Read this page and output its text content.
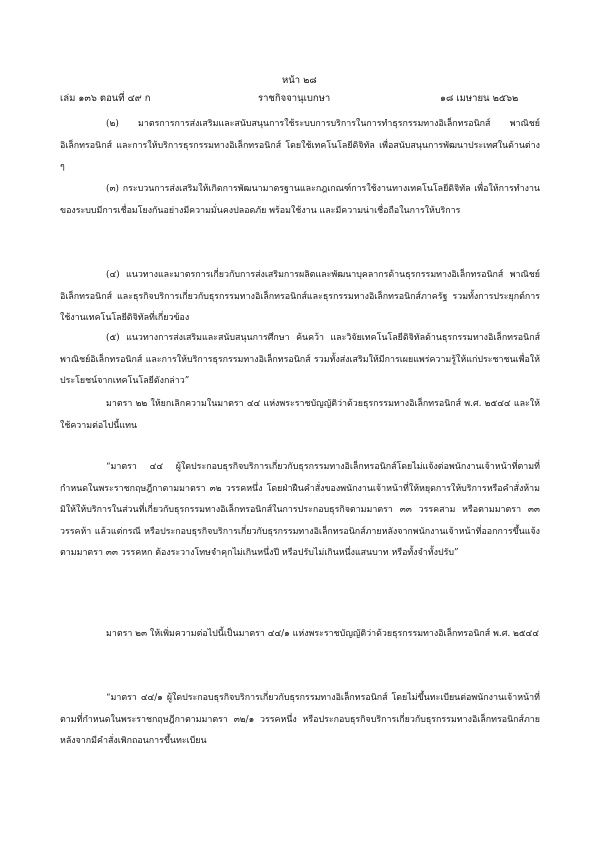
หน้า ๒๘
เล่ม ๑๓๖ ตอนที่ ๔๙ ก	ราชกิจจานุเบกษา	๑๘ เมษายน ๒๕๖๒

(๒) มาตรการการส่งเสริมและสนับสนุนการใช้ระบบการบริการในการทำธุรกรรมทางอิเล็กทรอนิกส์ พาณิชย์อิเล็กทรอนิกส์ และการให้บริการธุรกรรมทางอิเล็กทรอนิกส์ โดยใช้เทคโนโลยีดิจิทัล เพื่อสนับสนุนการพัฒนาประเทศในด้านต่าง ๆ

(๓) กระบวนการส่งเสริมให้เกิดการพัฒนามาตรฐานและกฎเกณฑ์การใช้งานทางเทคโนโลยีดิจิทัล เพื่อให้การทำงานของระบบมีการเชื่อมโยงกันอย่างมีความมั่นคงปลอดภัย พร้อมใช้งาน และมีความน่าเชื่อถือในการให้บริการ

(๔) แนวทางและมาตรการเกี่ยวกับการส่งเสริมการผลิตและพัฒนาบุคลากรด้านธุรกรรมทางอิเล็กทรอนิกส์ พาณิชย์อิเล็กทรอนิกส์ และธุรกิจบริการเกี่ยวกับธุรกรรมทางอิเล็กทรอนิกส์และธุรกรรมทางอิเล็กทรอนิกส์ภาครัฐ รวมทั้งการประยุกต์การใช้งานเทคโนโลยีดิจิทัลที่เกี่ยวข้อง

(๕) แนวทางการส่งเสริมและสนับสนุนการศึกษา ค้นคว้า และวิจัยเทคโนโลยีดิจิทัลด้านธุรกรรมทางอิเล็กทรอนิกส์ พาณิชย์อิเล็กทรอนิกส์ และการให้บริการธุรกรรมทางอิเล็กทรอนิกส์ รวมทั้งส่งเสริมให้มีการเผยแพร่ความรู้ให้แก่ประชาชนเพื่อให้ประโยชน์จากเทคโนโลยีดังกล่าว”

มาตรา ๒๒ ให้ยกเลิกความในมาตรา ๔๔ แห่งพระราชบัญญัติว่าด้วยธุรกรรมทางอิเล็กทรอนิกส์ พ.ศ. ๒๕๔๔ และให้ใช้ความต่อไปนี้แทน

“มาตรา ๔๔ ผู้ใดประกอบธุรกิจบริการเกี่ยวกับธุรกรรมทางอิเล็กทรอนิกส์โดยไม่แจ้งต่อพนักงานเจ้าหน้าที่ตามที่กำหนดในพระราชกฤษฎีกาตามมาตรา ๓๒ วรรคหนึ่ง โดยฝ่าฝืนคำสั่งของพนักงานเจ้าหน้าที่ให้หยุดการให้บริการหรือคำสั่งห้ามมิให้ให้บริการในส่วนที่เกี่ยวกับธุรกรรมทางอิเล็กทรอนิกส์ในการประกอบธุรกิจตามมาตรา ๓๓ วรรคสาม หรือตามมาตรา ๓๓ วรรคห้า แล้วแต่กรณี หรือประกอบธุรกิจบริการเกี่ยวกับธุรกรรมทางอิเล็กทรอนิกส์ภายหลังจากพนักงานเจ้าหน้าที่ออกการขึ้นแจ้งตามมาตรา ๓๓ วรรคหก ต้องระวางโทษจำคุกไม่เกินหนึ่งปี หรือปรับไม่เกินหนึ่งแสนบาท หรือทั้งจำทั้งปรับ”

มาตรา ๒๓ ให้เพิ่มความต่อไปนี้เป็นมาตรา ๔๔/๑ แห่งพระราชบัญญัติว่าด้วยธุรกรรมทางอิเล็กทรอนิกส์ พ.ศ. ๒๕๔๔

“มาตรา ๔๔/๑ ผู้ใดประกอบธุรกิจบริการเกี่ยวกับธุรกรรมทางอิเล็กทรอนิกส์ โดยไม่ขึ้นทะเบียนต่อพนักงานเจ้าหน้าที่ตามที่กำหนดในพระราชกฤษฎีกาตามมาตรา ๓๒/๑ วรรคหนึ่ง หรือประกอบธุรกิจบริการเกี่ยวกับธุรกรรมทางอิเล็กทรอนิกส์ภายหลังจากมีคำสั่งเพิกถอนการขึ้นทะเบียน
